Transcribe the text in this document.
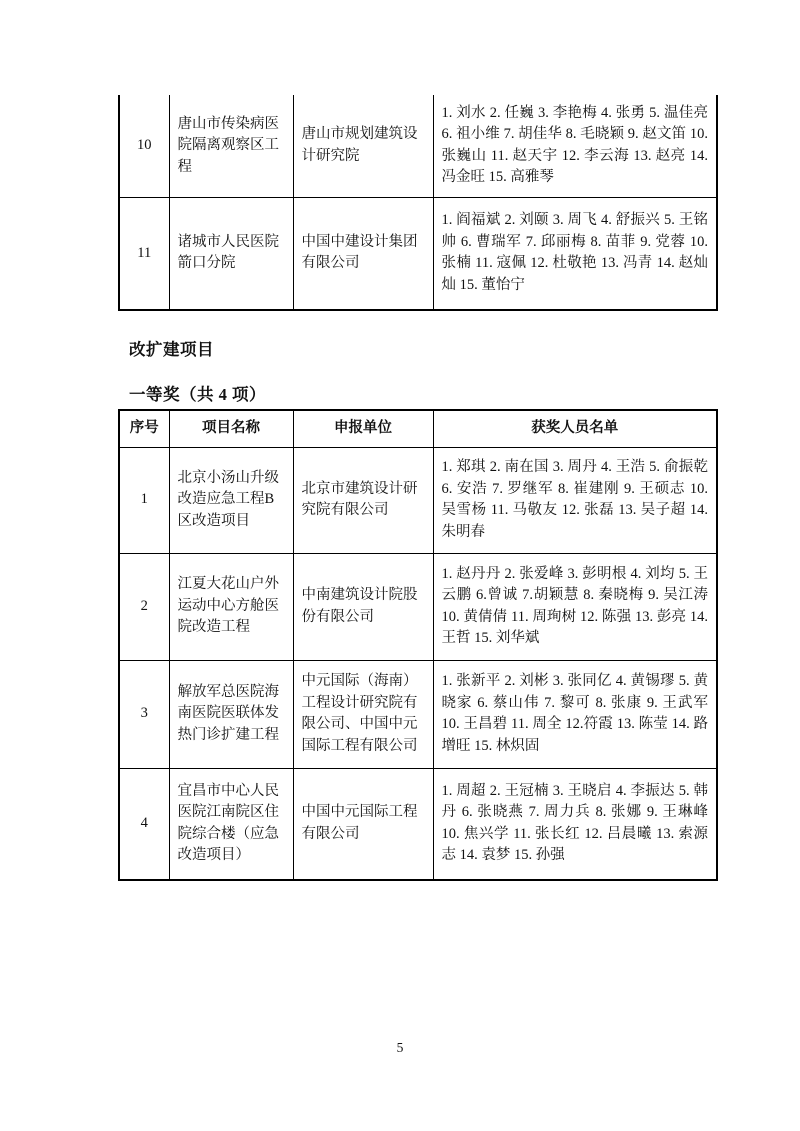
10	唐山市传染病医院隔离观察区工程	唐山市规划建筑设计研究院	1. 刘水 2. 任巍 3. 李艳梅 4. 张勇 5. 温佳亮 6. 祖小维 7. 胡佳华 8. 毛晓颖 9. 赵文笛 10. 张巍山 11. 赵天宇 12. 李云海 13. 赵亮 14. 冯金旺 15. 高雅琴
11	诸城市人民医院箭口分院	中国中建设计集团有限公司	1. 阎福斌 2. 刘颐 3. 周飞 4. 舒振兴 5. 王铭帅 6. 曹瑞军 7. 邱丽梅 8. 苗菲 9. 党蓉 10. 张楠 11. 寇佩 12. 杜敬艳 13. 冯青 14. 赵灿灿 15. 董怡宁
改扩建项目
一等奖（共 4 项）
序号	项目名称	申报单位	获奖人员名单
1	北京小汤山升级改造应急工程B区改造项目	北京市建筑设计研究院有限公司	1. 郑琪 2. 南在国 3. 周丹 4. 王浩 5. 俞振乾 6. 安浩 7. 罗继军 8. 崔建刚 9. 王硕志 10. 吴雪杨 11. 马敬友 12. 张磊 13. 吴子超 14. 朱明春
2	江夏大花山户外运动中心方舱医院改造工程	中南建筑设计院股份有限公司	1. 赵丹丹 2. 张爱峰 3. 彭明根 4. 刘均 5. 王云鹏 6.曾诚 7.胡颖慧 8. 秦晓梅 9. 吴江涛 10. 黄倩倩 11. 周珣树 12. 陈强 13. 彭亮 14. 王哲 15. 刘华斌
3	解放军总医院海南医院医联体发热门诊扩建工程	中元国际（海南）工程设计研究院有限公司、中国中元国际工程有限公司	1. 张新平 2. 刘彬 3. 张同亿 4. 黄锡璆 5. 黄晓家 6. 蔡山伟 7. 黎可 8. 张康 9. 王武军 10. 王昌碧 11. 周全 12.符霞 13. 陈莹 14. 路增旺 15. 林炽固
4	宜昌市中心人民医院江南院区住院综合楼（应急改造项目）	中国中元国际工程有限公司	1. 周超 2. 王冠楠 3. 王晓启 4. 李振达 5. 韩丹 6. 张晓燕 7. 周力兵 8. 张娜 9. 王琳峰 10. 焦兴学 11. 张长红 12. 吕晨曦 13. 索源志 14. 袁梦 15. 孙强
5
